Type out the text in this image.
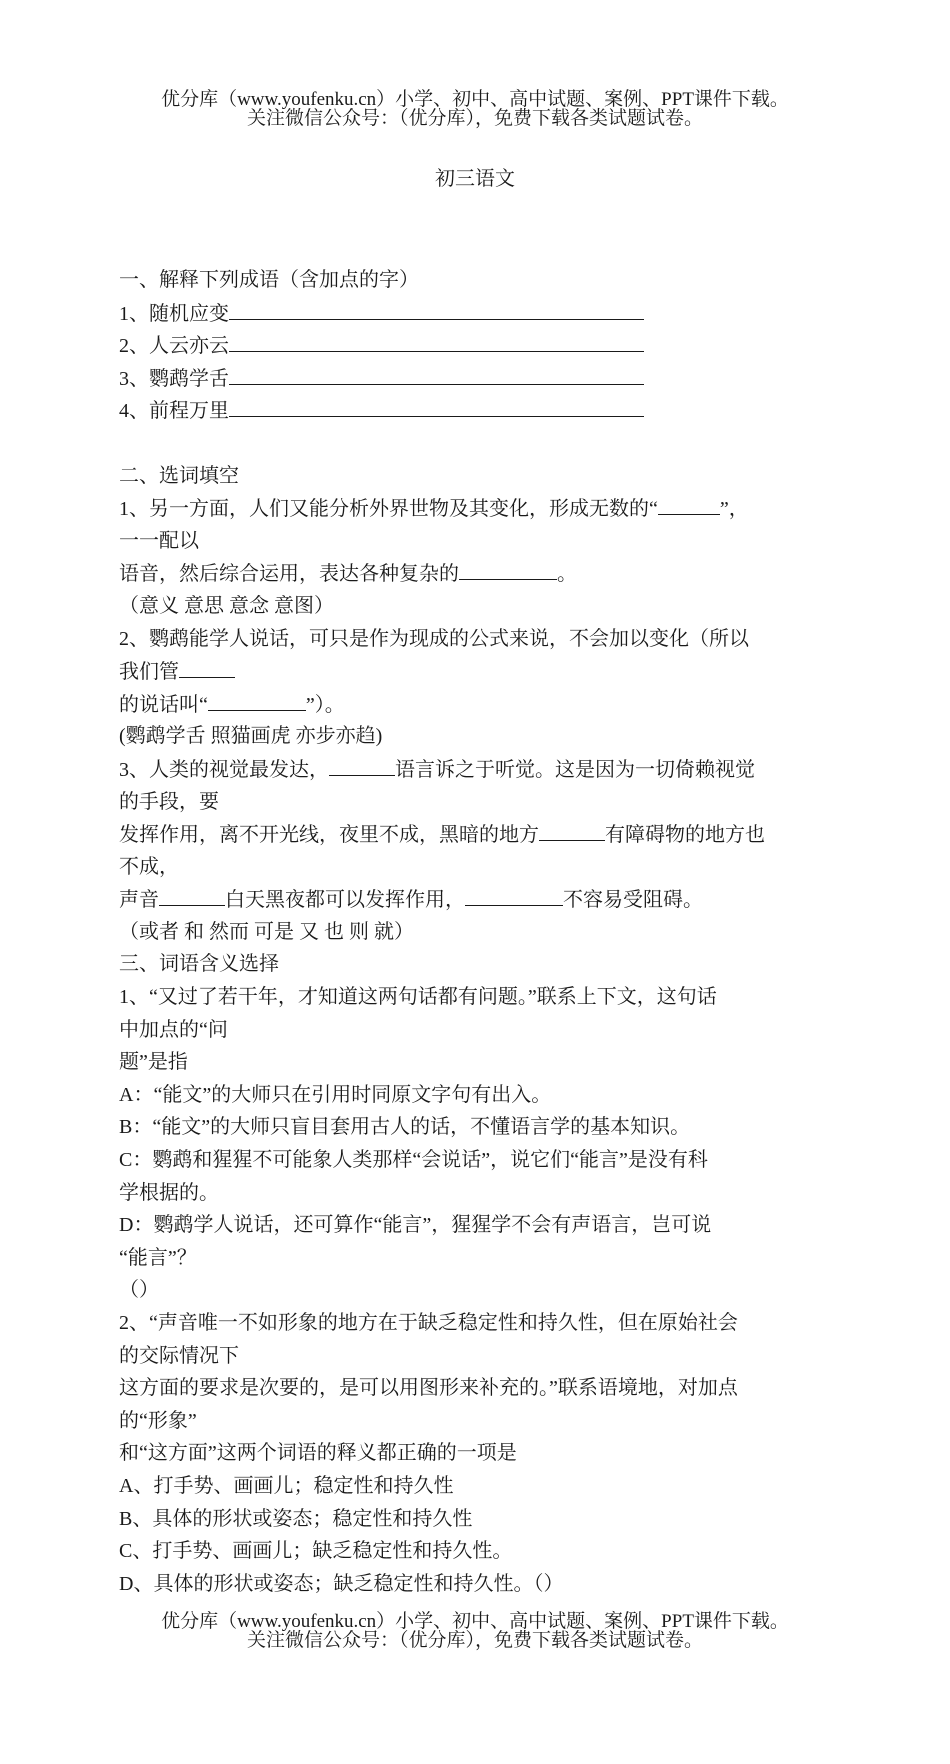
优分库（www.youfenku.cn）小学、初中、高中试题、案例、PPT课件下载。
关注微信公众号：（优分库），免费下载各类试题试卷。
初三语文
一、解释下列成语（含加点的字）
1、随机应变
2、人云亦云
3、鹦鹉学舌
4、前程万里
二、选词填空
1、另一方面，人们又能分析外界世物及其变化，形成无数的“	”，
一一配以
语音，然后综合运用，表达各种复杂的	。
（意义 意思 意念 意图）
2、鹦鹉能学人说话，可只是作为现成的公式来说，不会加以变化（所以
我们管
的说话叫“	”）。
(鹦鹉学舌 照猫画虎 亦步亦趋)
3、人类的视觉最发达，	语言诉之于听觉。这是因为一切倚赖视觉
的手段，要
发挥作用，离不开光线，夜里不成，黑暗的地方	有障碍物的地方也
不成，
声音	白天黑夜都可以发挥作用，	不容易受阻碍。
（或者 和 然而 可是 又 也 则 就）
三、词语含义选择
1、“又过了若干年，才知道这两句话都有问题。”联系上下文，这句话
中加点的“问
题”是指
A：“能文”的大师只在引用时同原文字句有出入。
B：“能文”的大师只盲目套用古人的话，不懂语言学的基本知识。
C：鹦鹉和猩猩不可能象人类那样“会说话”，说它们“能言”是没有科
学根据的。
D：鹦鹉学人说话，还可算作“能言”，猩猩学不会有声语言，岂可说
“能言”？
（）
2、“声音唯一不如形象的地方在于缺乏稳定性和持久性，但在原始社会
的交际情况下
这方面的要求是次要的，是可以用图形来补充的。”联系语境地，对加点
的“形象”
和“这方面”这两个词语的释义都正确的一项是
A、打手势、画画儿；稳定性和持久性
B、具体的形状或姿态；稳定性和持久性
C、打手势、画画儿；缺乏稳定性和持久性。
D、具体的形状或姿态；缺乏稳定性和持久性。（）
优分库（www.youfenku.cn）小学、初中、高中试题、案例、PPT课件下载。
关注微信公众号：（优分库），免费下载各类试题试卷。
